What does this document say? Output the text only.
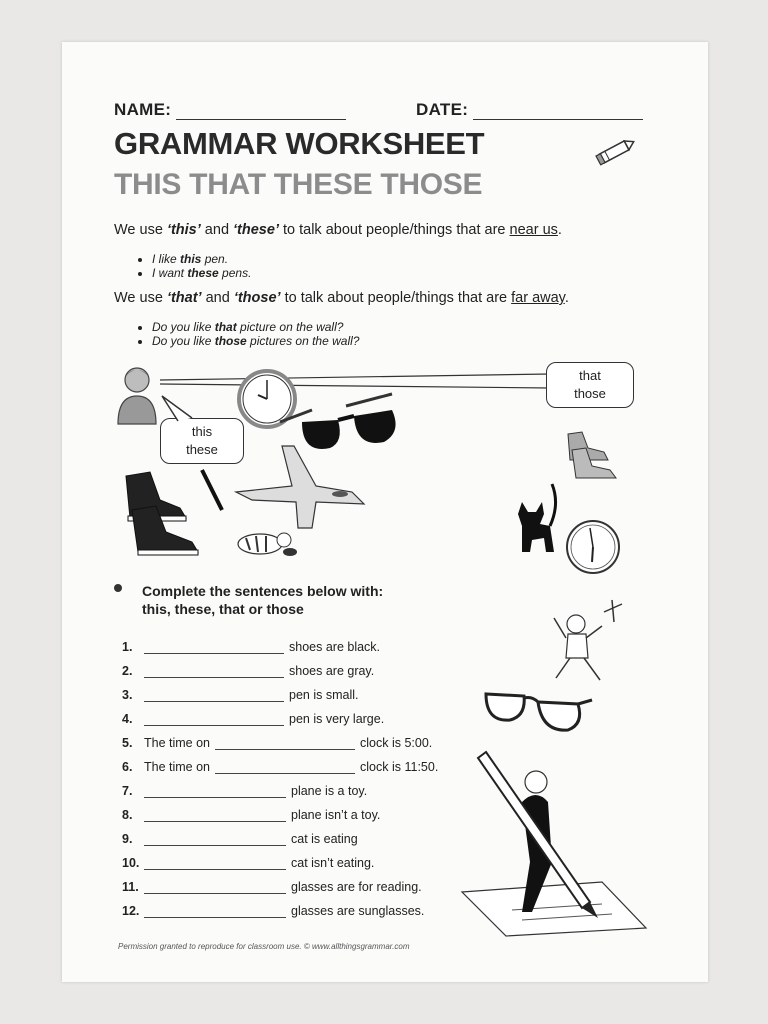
NAME:	DATE:
GRAMMAR WORKSHEET
THIS THAT THESE THOSE
We use ‘this’ and ‘these’ to talk about people/things that are near us.
• I like this pen.
• I want these pens.
We use ‘that’ and ‘those’ to talk about people/things that are far away.
• Do you like that picture on the wall?
• Do you like those pictures on the wall?
this
these
that
those
Complete the sentences below with:
this, these, that or those
1.	shoes are black.
2.	shoes are gray.
3.	pen is small.
4.	pen is very large.
5. The time on	clock is 5:00.
6. The time on	clock is 11:50.
7.	plane is a toy.
8.	plane isn’t a toy.
9.	cat is eating
10.	cat isn’t eating.
11.	glasses are for reading.
12.	glasses are sunglasses.
Permission granted to reproduce for classroom use. © www.allthingsgrammar.com
